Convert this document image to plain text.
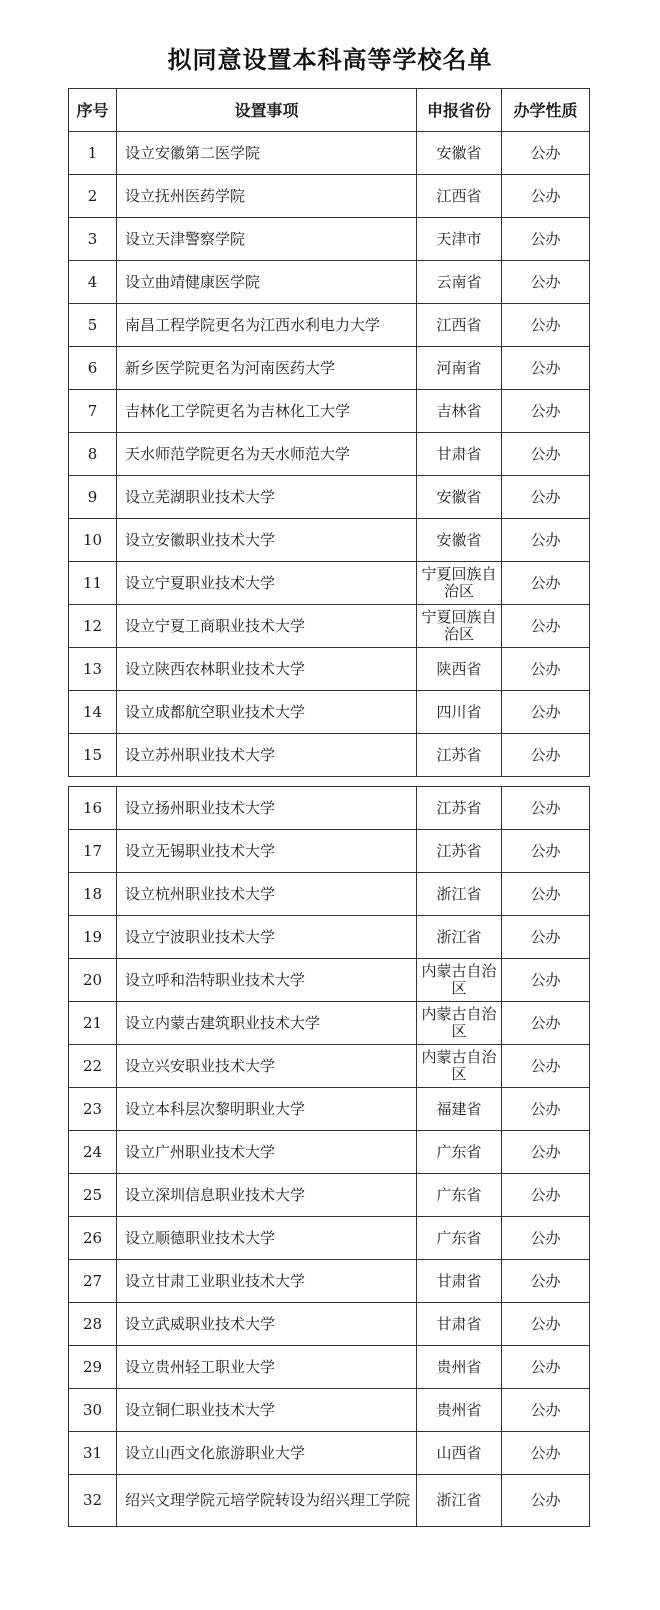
拟同意设置本科高等学校名单
序号	设置事项	申报省份	办学性质
1	设立安徽第二医学院	安徽省	公办
2	设立抚州医药学院	江西省	公办
3	设立天津警察学院	天津市	公办
4	设立曲靖健康医学院	云南省	公办
5	南昌工程学院更名为江西水利电力大学	江西省	公办
6	新乡医学院更名为河南医药大学	河南省	公办
7	吉林化工学院更名为吉林化工大学	吉林省	公办
8	天水师范学院更名为天水师范大学	甘肃省	公办
9	设立芜湖职业技术大学	安徽省	公办
10	设立安徽职业技术大学	安徽省	公办
11	设立宁夏职业技术大学	宁夏回族自治区	公办
12	设立宁夏工商职业技术大学	宁夏回族自治区	公办
13	设立陕西农林职业技术大学	陕西省	公办
14	设立成都航空职业技术大学	四川省	公办
15	设立苏州职业技术大学	江苏省	公办
16	设立扬州职业技术大学	江苏省	公办
17	设立无锡职业技术大学	江苏省	公办
18	设立杭州职业技术大学	浙江省	公办
19	设立宁波职业技术大学	浙江省	公办
20	设立呼和浩特职业技术大学	内蒙古自治区	公办
21	设立内蒙古建筑职业技术大学	内蒙古自治区	公办
22	设立兴安职业技术大学	内蒙古自治区	公办
23	设立本科层次黎明职业大学	福建省	公办
24	设立广州职业技术大学	广东省	公办
25	设立深圳信息职业技术大学	广东省	公办
26	设立顺德职业技术大学	广东省	公办
27	设立甘肃工业职业技术大学	甘肃省	公办
28	设立武威职业技术大学	甘肃省	公办
29	设立贵州轻工职业大学	贵州省	公办
30	设立铜仁职业技术大学	贵州省	公办
31	设立山西文化旅游职业大学	山西省	公办
32	绍兴文理学院元培学院转设为绍兴理工学院	浙江省	公办
